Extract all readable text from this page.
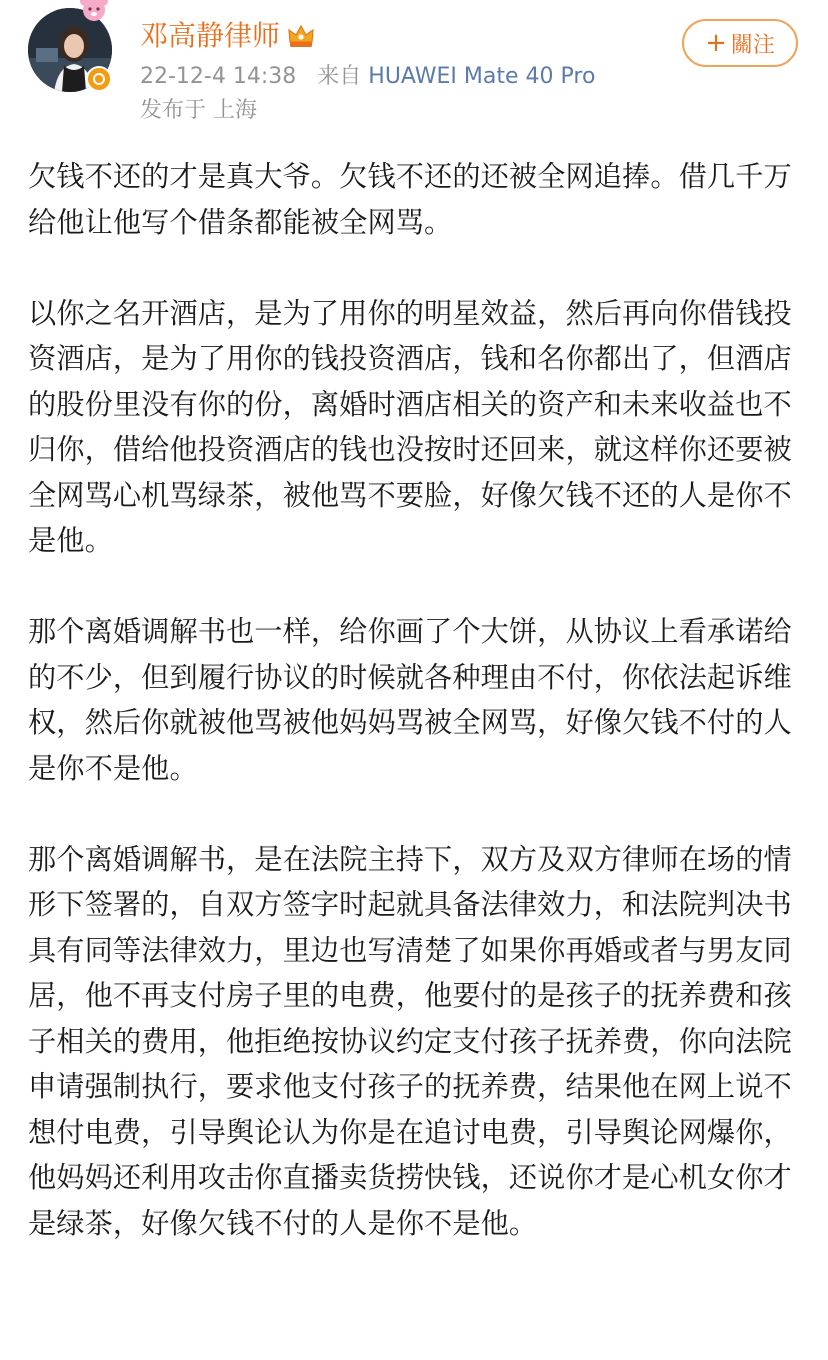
邓高静律师
22-12-4 14:38 来自 HUAWEI Mate 40 Pro
发布于 上海
+ 關注

欠钱不还的才是真大爷。欠钱不还的还被全网追捧。借几千万给他让他写个借条都能被全网骂。

以你之名开酒店，是为了用你的明星效益，然后再向你借钱投资酒店，是为了用你的钱投资酒店，钱和名你都出了，但酒店的股份里没有你的份，离婚时酒店相关的资产和未来收益也不归你，借给他投资酒店的钱也没按时还回来，就这样你还要被全网骂心机骂绿茶，被他骂不要脸，好像欠钱不还的人是你不是他。

那个离婚调解书也一样，给你画了个大饼，从协议上看承诺给的不少，但到履行协议的时候就各种理由不付，你依法起诉维权，然后你就被他骂被他妈妈骂被全网骂，好像欠钱不付的人是你不是他。

那个离婚调解书，是在法院主持下，双方及双方律师在场的情形下签署的，自双方签字时起就具备法律效力，和法院判决书具有同等法律效力，里边也写清楚了如果你再婚或者与男友同居，他不再支付房子里的电费，他要付的是孩子的抚养费和孩子相关的费用，他拒绝按协议约定支付孩子抚养费，你向法院申请强制执行，要求他支付孩子的抚养费，结果他在网上说不想付电费，引导舆论认为你是在追讨电费，引导舆论网爆你，他妈妈还利用攻击你直播卖货捞快钱，还说你才是心机女你才是绿茶，好像欠钱不付的人是你不是他。
